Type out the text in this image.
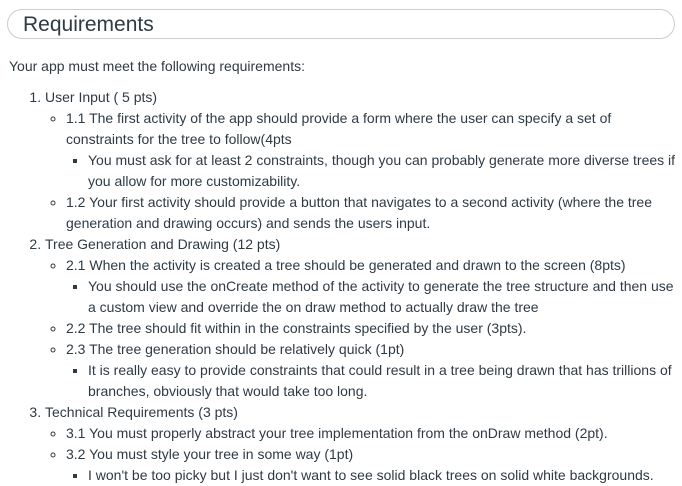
Requirements

Your app must meet the following requirements:

1. User Input ( 5 pts)
◦ 1.1 The first activity of the app should provide a form where the user can specify a set of constraints for the tree to follow(4pts
▪ You must ask for at least 2 constraints, though you can probably generate more diverse trees if you allow for more customizability.
◦ 1.2 Your first activity should provide a button that navigates to a second activity (where the tree generation and drawing occurs) and sends the users input.
2. Tree Generation and Drawing (12 pts)
◦ 2.1 When the activity is created a tree should be generated and drawn to the screen (8pts)
▪ You should use the onCreate method of the activity to generate the tree structure and then use a custom view and override the on draw method to actually draw the tree
◦ 2.2 The tree should fit within in the constraints specified by the user (3pts).
◦ 2.3 The tree generation should be relatively quick (1pt)
▪ It is really easy to provide constraints that could result in a tree being drawn that has trillions of branches, obviously that would take too long.
3. Technical Requirements (3 pts)
◦ 3.1 You must properly abstract your tree implementation from the onDraw method (2pt).
◦ 3.2 You must style your tree in some way (1pt)
▪ I won't be too picky but I just don't want to see solid black trees on solid white backgrounds.
